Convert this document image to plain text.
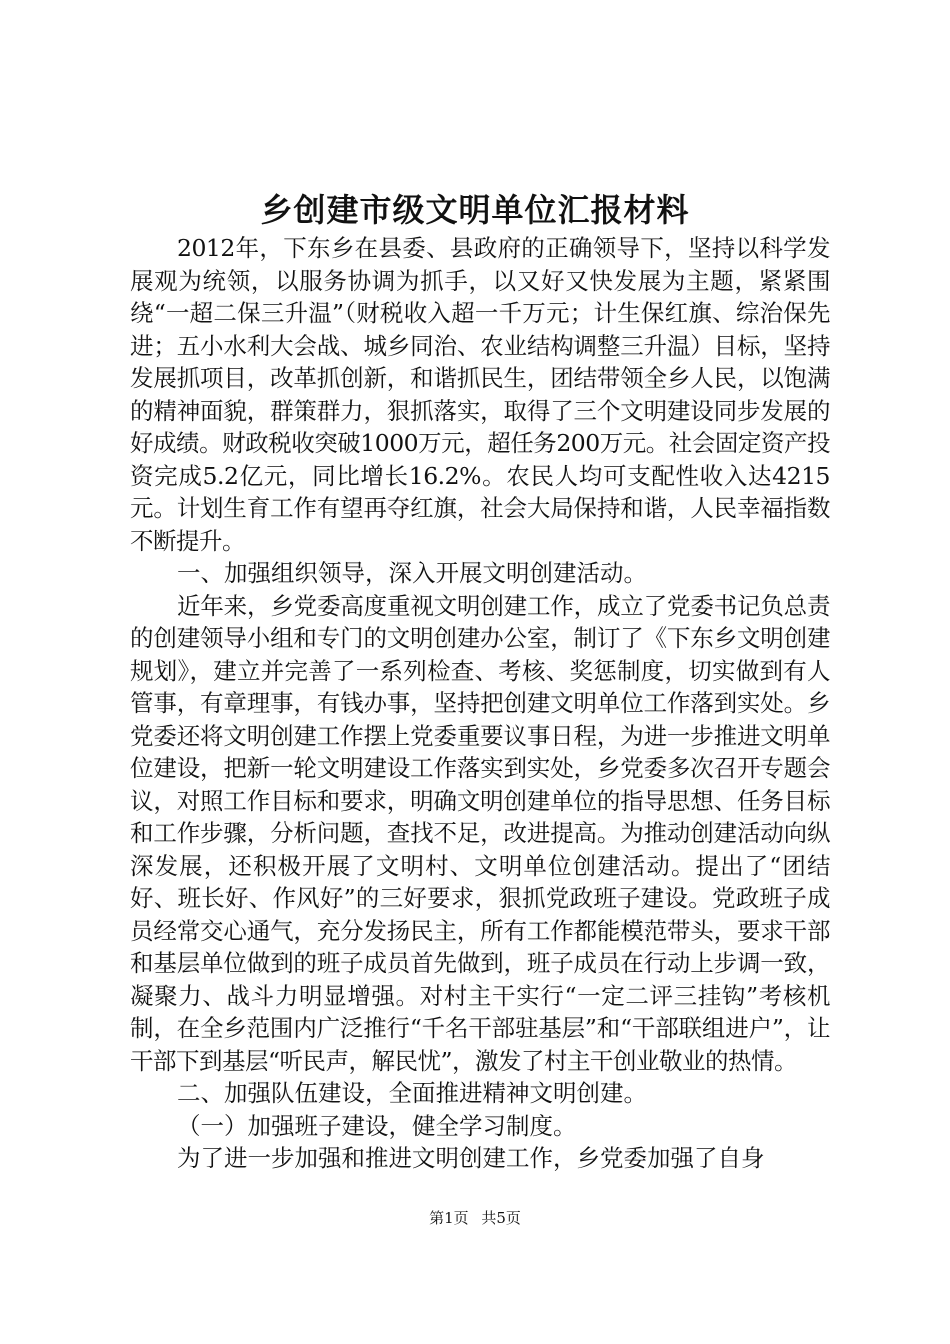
乡创建市级文明单位汇报材料

2012年，下东乡在县委、县政府的正确领导下，坚持以科学发展观为统领，以服务协调为抓手，以又好又快发展为主题，紧紧围绕“一超二保三升温”（财税收入超一千万元；计生保红旗、综治保先进；五小水利大会战、城乡同治、农业结构调整三升温）目标，坚持发展抓项目，改革抓创新，和谐抓民生，团结带领全乡人民，以饱满的精神面貌，群策群力，狠抓落实，取得了三个文明建设同步发展的好成绩。财政税收突破1000万元，超任务200万元。社会固定资产投资完成5.2亿元，同比增长16.2%。农民人均可支配性收入达4215元。计划生育工作有望再夺红旗，社会大局保持和谐，人民幸福指数不断提升。

一、加强组织领导，深入开展文明创建活动。

近年来，乡党委高度重视文明创建工作，成立了党委书记负总责的创建领导小组和专门的文明创建办公室，制订了《下东乡文明创建规划》，建立并完善了一系列检查、考核、奖惩制度，切实做到有人管事，有章理事，有钱办事，坚持把创建文明单位工作落到实处。乡党委还将文明创建工作摆上党委重要议事日程，为进一步推进文明单位建设，把新一轮文明建设工作落实到实处，乡党委多次召开专题会议，对照工作目标和要求，明确文明创建单位的指导思想、任务目标和工作步骤，分析问题，查找不足，改进提高。为推动创建活动向纵深发展，还积极开展了文明村、文明单位创建活动。提出了“团结好、班长好、作风好”的三好要求，狠抓党政班子建设。党政班子成员经常交心通气，充分发扬民主，所有工作都能模范带头，要求干部和基层单位做到的班子成员首先做到，班子成员在行动上步调一致，凝聚力、战斗力明显增强。对村主干实行“一定二评三挂钩”考核机制，在全乡范围内广泛推行“千名干部驻基层”和“干部联组进户”，让干部下到基层“听民声，解民忧”，激发了村主干创业敬业的热情。

二、加强队伍建设，全面推进精神文明创建。

（一）加强班子建设，健全学习制度。

为了进一步加强和推进文明创建工作，乡党委加强了自身

第1页 共5页
